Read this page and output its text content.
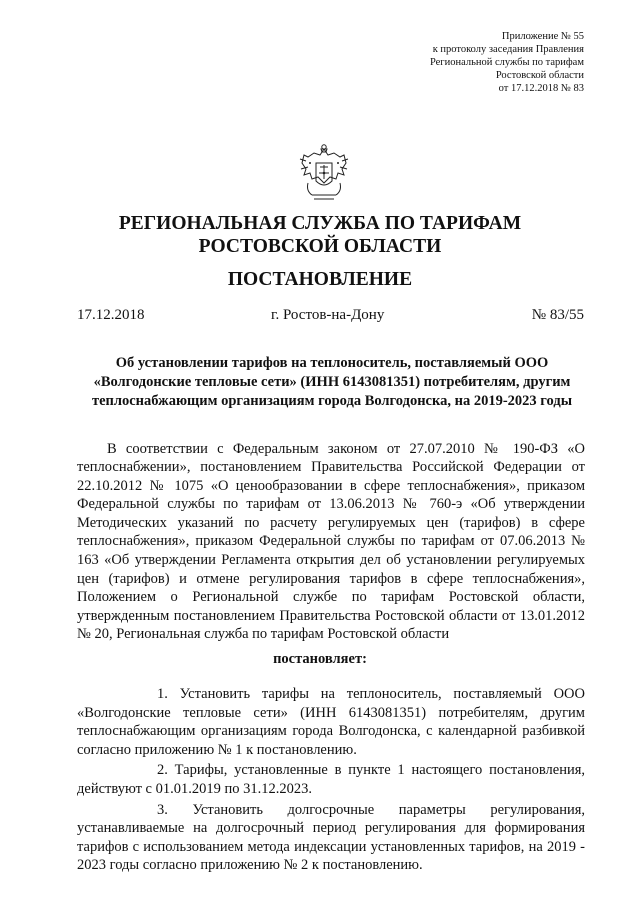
Приложение № 55
к протоколу заседания Правления
Региональной службы по тарифам
Ростовской области
от 17.12.2018 № 83
РЕГИОНАЛЬНАЯ СЛУЖБА ПО ТАРИФАМ
РОСТОВСКОЙ ОБЛАСТИ
ПОСТАНОВЛЕНИЕ
17.12.2018	г. Ростов-на-Дону	№ 83/55
Об установлении тарифов на теплоноситель, поставляемый ООО
«Волгодонские тепловые сети» (ИНН 6143081351) потребителям, другим
теплоснабжающим организациям города Волгодонска, на 2019-2023 годы

В соответствии с Федеральным законом от 27.07.2010 № 190-ФЗ «О теплоснабжении», постановлением Правительства Российской Федерации от 22.10.2012 № 1075 «О ценообразовании в сфере теплоснабжения», приказом Федеральной службы по тарифам от 13.06.2013 № 760-э «Об утверждении Методических указаний по расчету регулируемых цен (тарифов) в сфере теплоснабжения», приказом Федеральной службы по тарифам от 07.06.2013 № 163 «Об утверждении Регламента открытия дел об установлении регулируемых цен (тарифов) и отмене регулирования тарифов в сфере теплоснабжения», Положением о Региональной службе по тарифам Ростовской области, утвержденным постановлением Правительства Ростовской области от 13.01.2012 № 20, Региональная служба по тарифам Ростовской области

постановляет:

1. Установить тарифы на теплоноситель, поставляемый ООО «Волгодонские тепловые сети» (ИНН 6143081351) потребителям, другим теплоснабжающим организациям города Волгодонска, с календарной разбивкой согласно приложению № 1 к постановлению.

2. Тарифы, установленные в пункте 1 настоящего постановления, действуют с 01.01.2019 по 31.12.2023.

3. Установить долгосрочные параметры регулирования, устанавливаемые на долгосрочный период регулирования для формирования тарифов с использованием метода индексации установленных тарифов, на 2019 - 2023 годы согласно приложению № 2 к постановлению.
